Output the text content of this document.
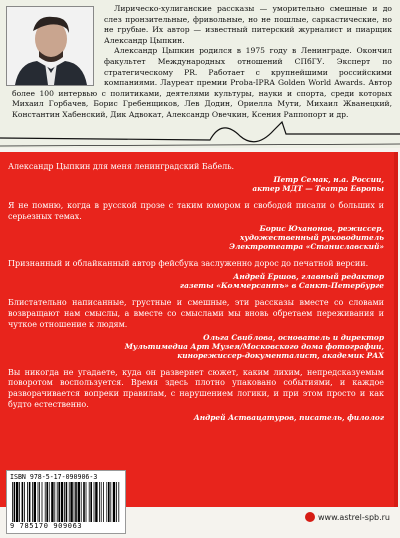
Лирическо-хулиганские рассказы — уморительно смешные и до слез пронзительные, фривольные, но не пошлые, саркастические, но не грубые. Их автор — известный питерский журналист и пиарщик Александр Цыпкин.

Александр Цыпкин родился в 1975 году в Ленинграде. Окончил факультет Международных отношений СПбГУ. Эксперт по стратегическому PR. Работает с крупнейшими российскими компаниями. Лауреат премии Proba-IPRA Golden World Awards. Автор более 100 интервью с политиками, деятелями культуры, науки и спорта, среди которых Михаил Горбачев, Борис Гребенщиков, Лев Додин, Ориелла Мути, Михаил Жванецкий, Константин Хабенский, Дик Адвокат, Александр Овечкин, Ксения Раппопорт и др.

Александр Цыпкин для меня ленинградский Бабель.

Петр Семак, н.а. России,
актер МДТ — Театра Европы

Я не помню, когда в русской прозе с таким юмором и свободой писали о больших и серьезных темах.

Борис Юханонов, режиссер,
художественный руководитель
Электротеатра «Станиславский»

Признанный и облайканный автор фейсбука заслуженно дорос до печатной версии.

Андрей Ершов, главный редактор
газеты «Коммерсантъ» в Санкт-Петербурге

Блистательно написанные, грустные и смешные, эти рассказы вместе со словами возвращают нам смыслы, а вместе со смыслами мы вновь обретаем переживания и чуткое отношение к людям.

Ольга Свиблова, основатель и директор
Мультимедиа Арт Музея/Московского дома фотографии,
кинорежиссер-документалист, академик РАХ

Вы никогда не угадаете, куда он развернет сюжет, каким лихим, непредсказуемым поворотом воспользуется. Время здесь плотно упаковано событиями, и каждое разворачивается вопреки правилам, с нарушением логики, и при этом просто и как будто естественно.

Андрей Аствацатуров, писатель, филолог

ISBN 978-5-17-090906-3
9 785170 909063
www.astrel-spb.ru
